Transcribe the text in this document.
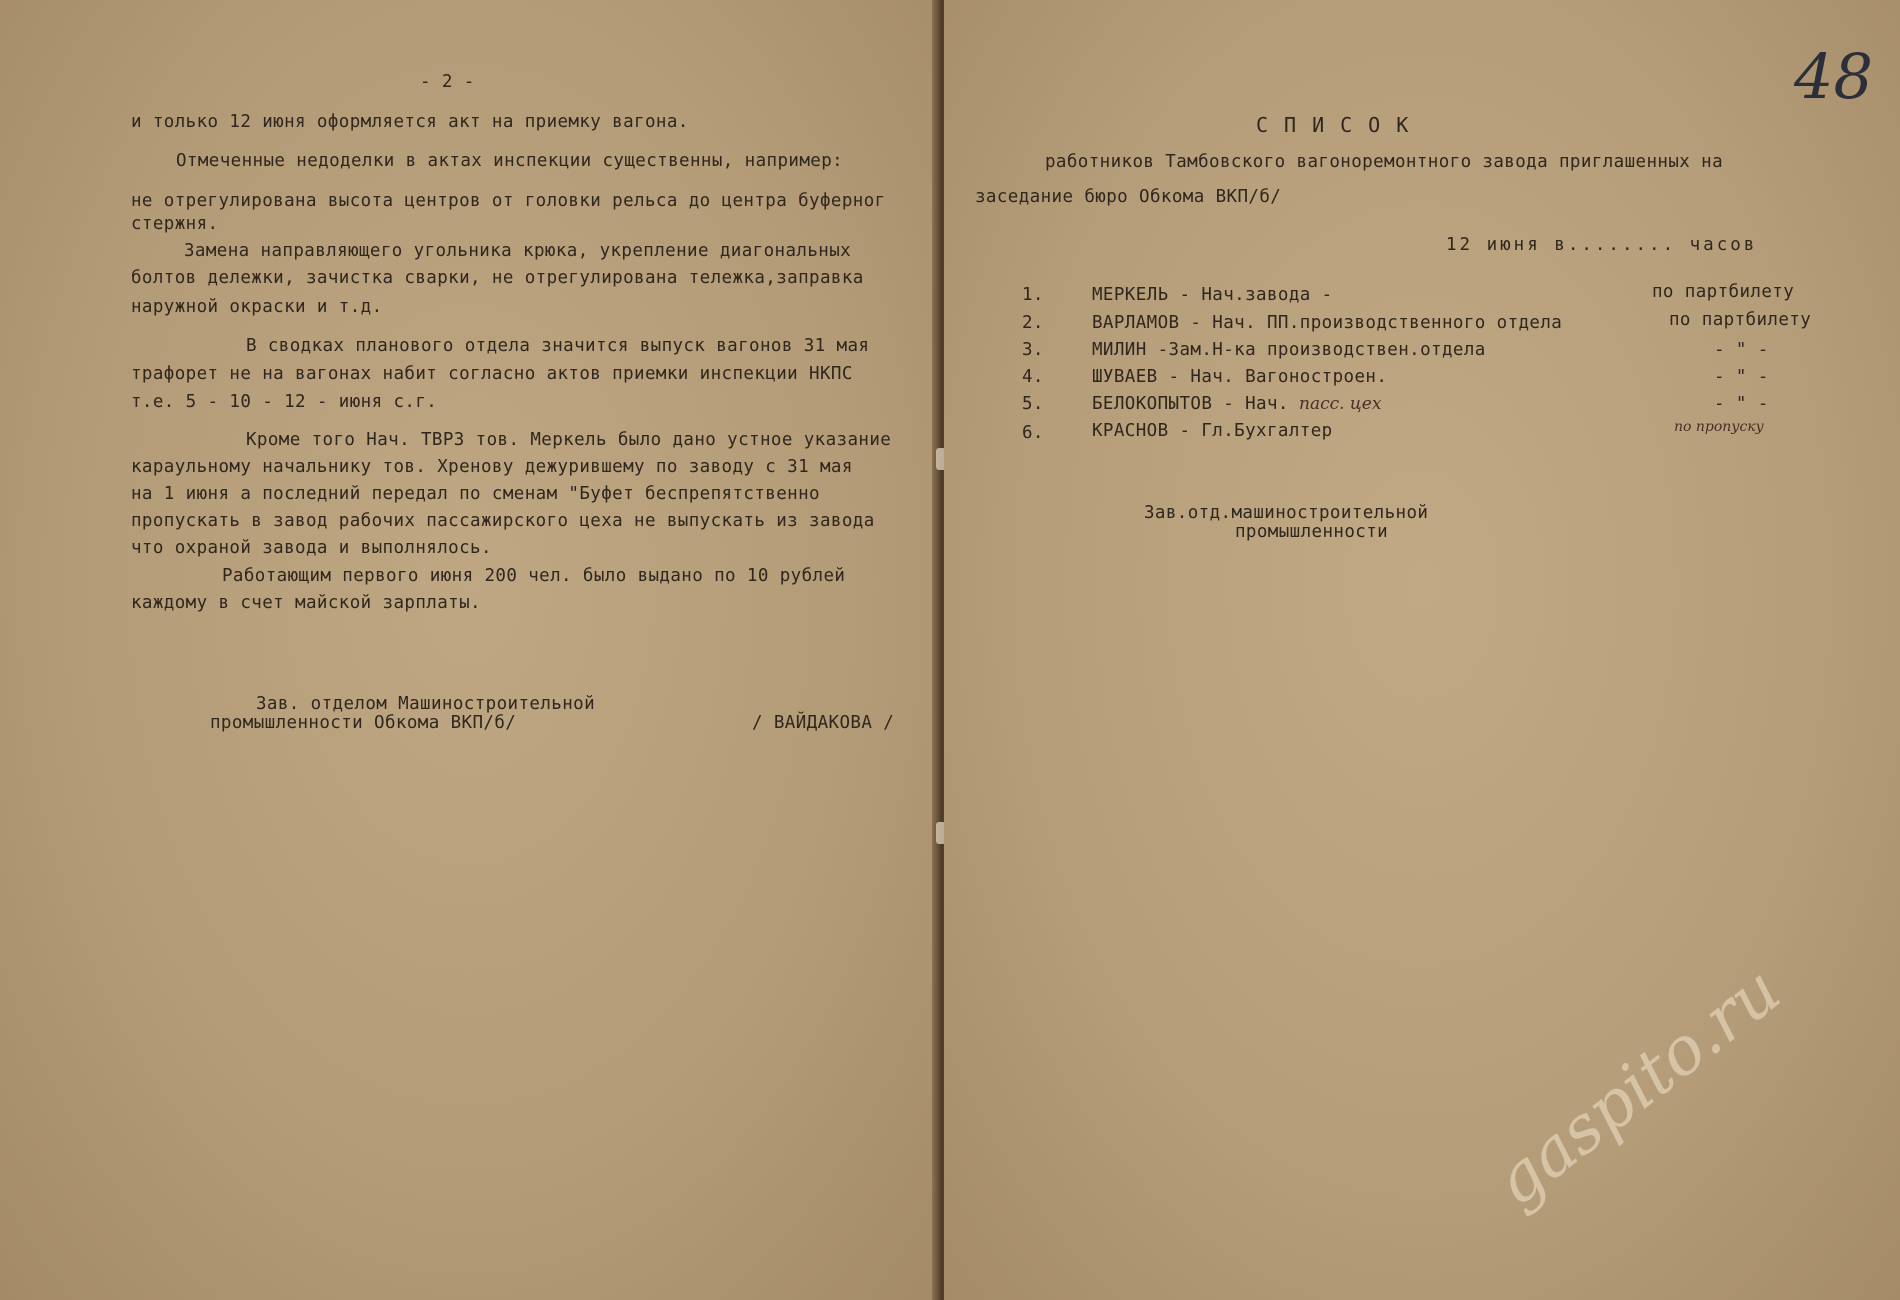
- 2 -
и только 12 июня оформляется акт на приемку вагона.
Отмеченные недоделки в актах инспекции существенны, например:
не отрегулирована высота центров от головки рельса до центра буферног
стержня.
Замена направляющего угольника крюка, укрепление диагональных
болтов дележки, зачистка сварки, не отрегулирована тележка,заправка
наружной окраски и т.д.
В сводках планового отдела значится выпуск вагонов 31 мая
трафорет не на вагонах набит согласно актов приемки инспекции НКПС
т.е. 5 - 10 - 12 - июня с.г.
Кроме того Нач. ТВРЗ тов. Меркель было дано устное указание
караульному начальнику тов. Хренову дежурившему по заводу с 31 мая
на 1 июня а последний передал по сменам "Буфет беспрепятственно
пропускать в завод рабочих пассажирского цеха не выпускать из завода
что охраной завода и выполнялось.
Работающим первого июня 200 чел. было выдано по 10 рублей
каждому в счет майской зарплаты.
Зав. отделом Машиностроительной
промышленности Обкома ВКП/б/	/ ВАЙДАКОВА /
48
СПИСОК
работников Тамбовского вагоноремонтного завода приглашенных на
заседание бюро Обкома ВКП/б/
12 июня в........ часов
1.	МЕРКЕЛЬ - Нач.завода -	по партбилету
2.	ВАРЛАМОВ - Нач. ПП.производственного отдела	по партбилету
3.	МИЛИН -Зам.Н-ка производствен.отдела	- " -
4.	ШУВАЕВ - Нач. Вагоностроен.	- " -
5.	БЕЛОКОПЫТОВ - Нач. пасс. цех	- " -
6.	КРАСНОВ - Гл.Бухгалтер	по пропуску
Зав.отд.машиностроительной
промышленности
gaspito.ru
